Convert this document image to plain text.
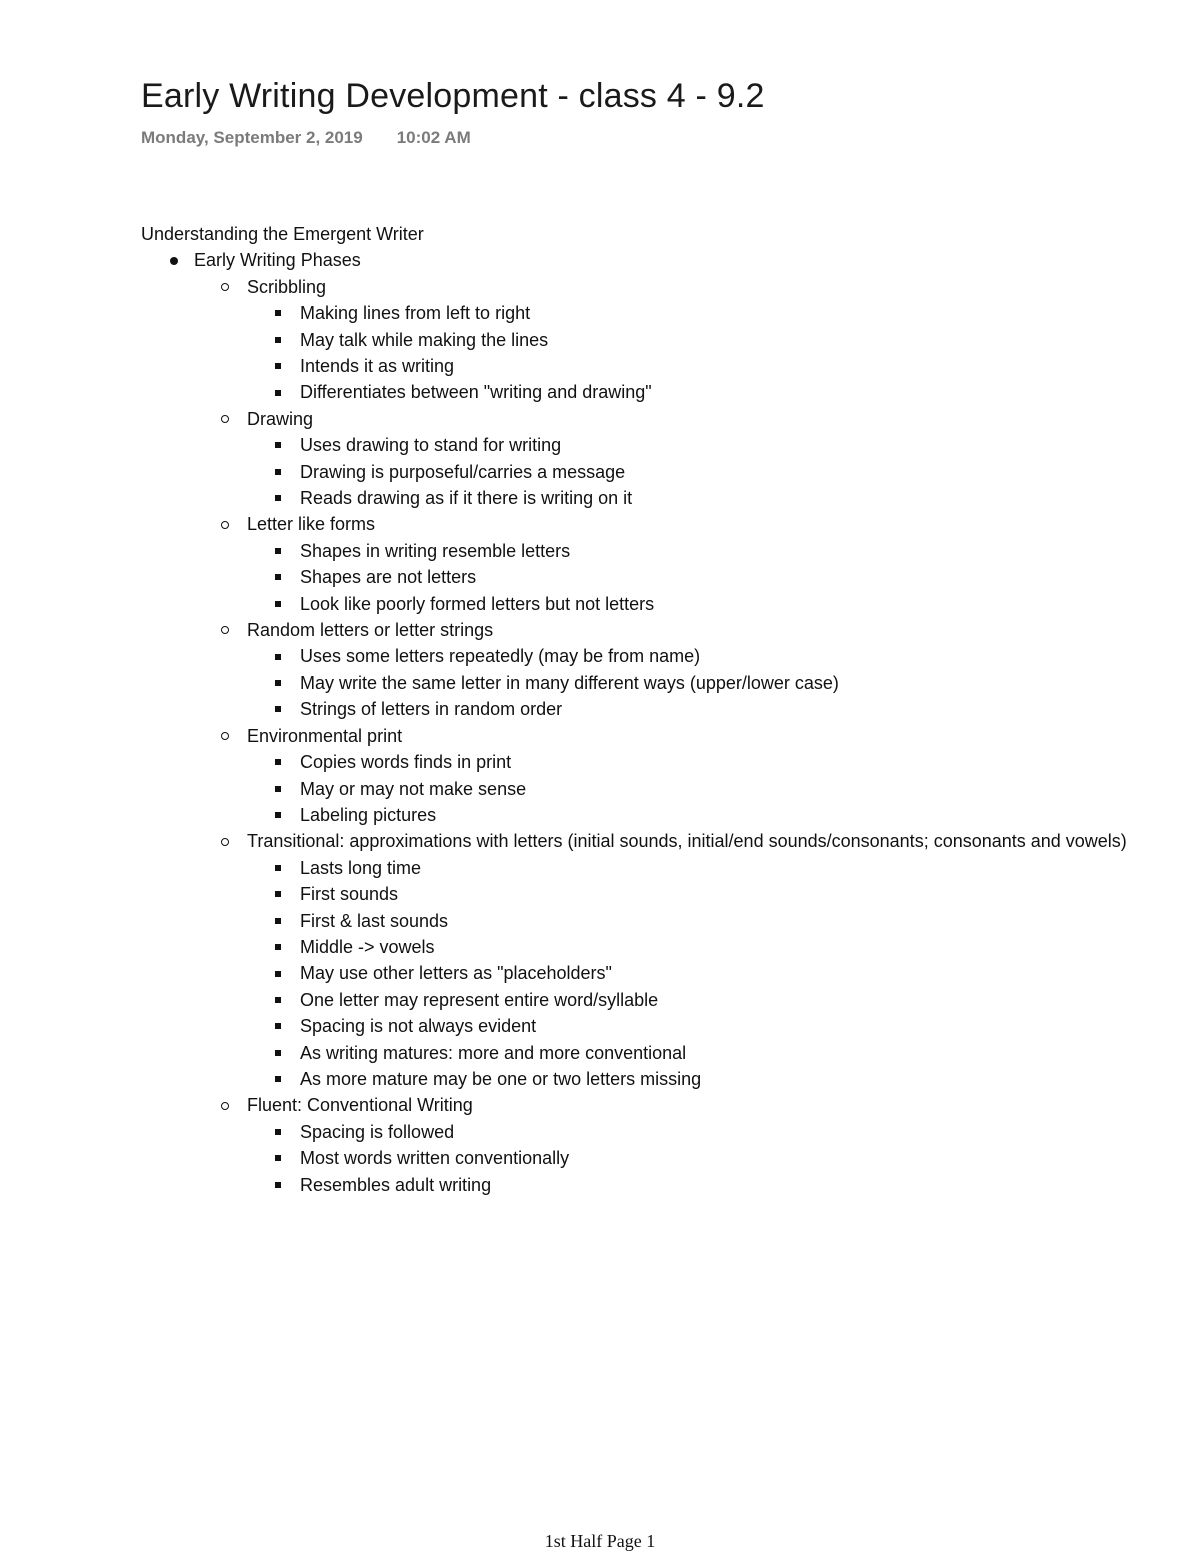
Early Writing Development - class 4 - 9.2
Monday, September 2, 2019 10:02 AM
Understanding the Emergent Writer
Early Writing Phases
Scribbling
Making lines from left to right
May talk while making the lines
Intends it as writing
Differentiates between "writing and drawing"
Drawing
Uses drawing to stand for writing
Drawing is purposeful/carries a message
Reads drawing as if it there is writing on it
Letter like forms
Shapes in writing resemble letters
Shapes are not letters
Look like poorly formed letters but not letters
Random letters or letter strings
Uses some letters repeatedly (may be from name)
May write the same letter in many different ways (upper/lower case)
Strings of letters in random order
Environmental print
Copies words finds in print
May or may not make sense
Labeling pictures
Transitional: approximations with letters (initial sounds, initial/end sounds/consonants; consonants and vowels)
Lasts long time
First sounds
First & last sounds
Middle -> vowels
May use other letters as "placeholders"
One letter may represent entire word/syllable
Spacing is not always evident
As writing matures: more and more conventional
As more mature may be one or two letters missing
Fluent: Conventional Writing
Spacing is followed
Most words written conventionally
Resembles adult writing
1st Half Page 1
